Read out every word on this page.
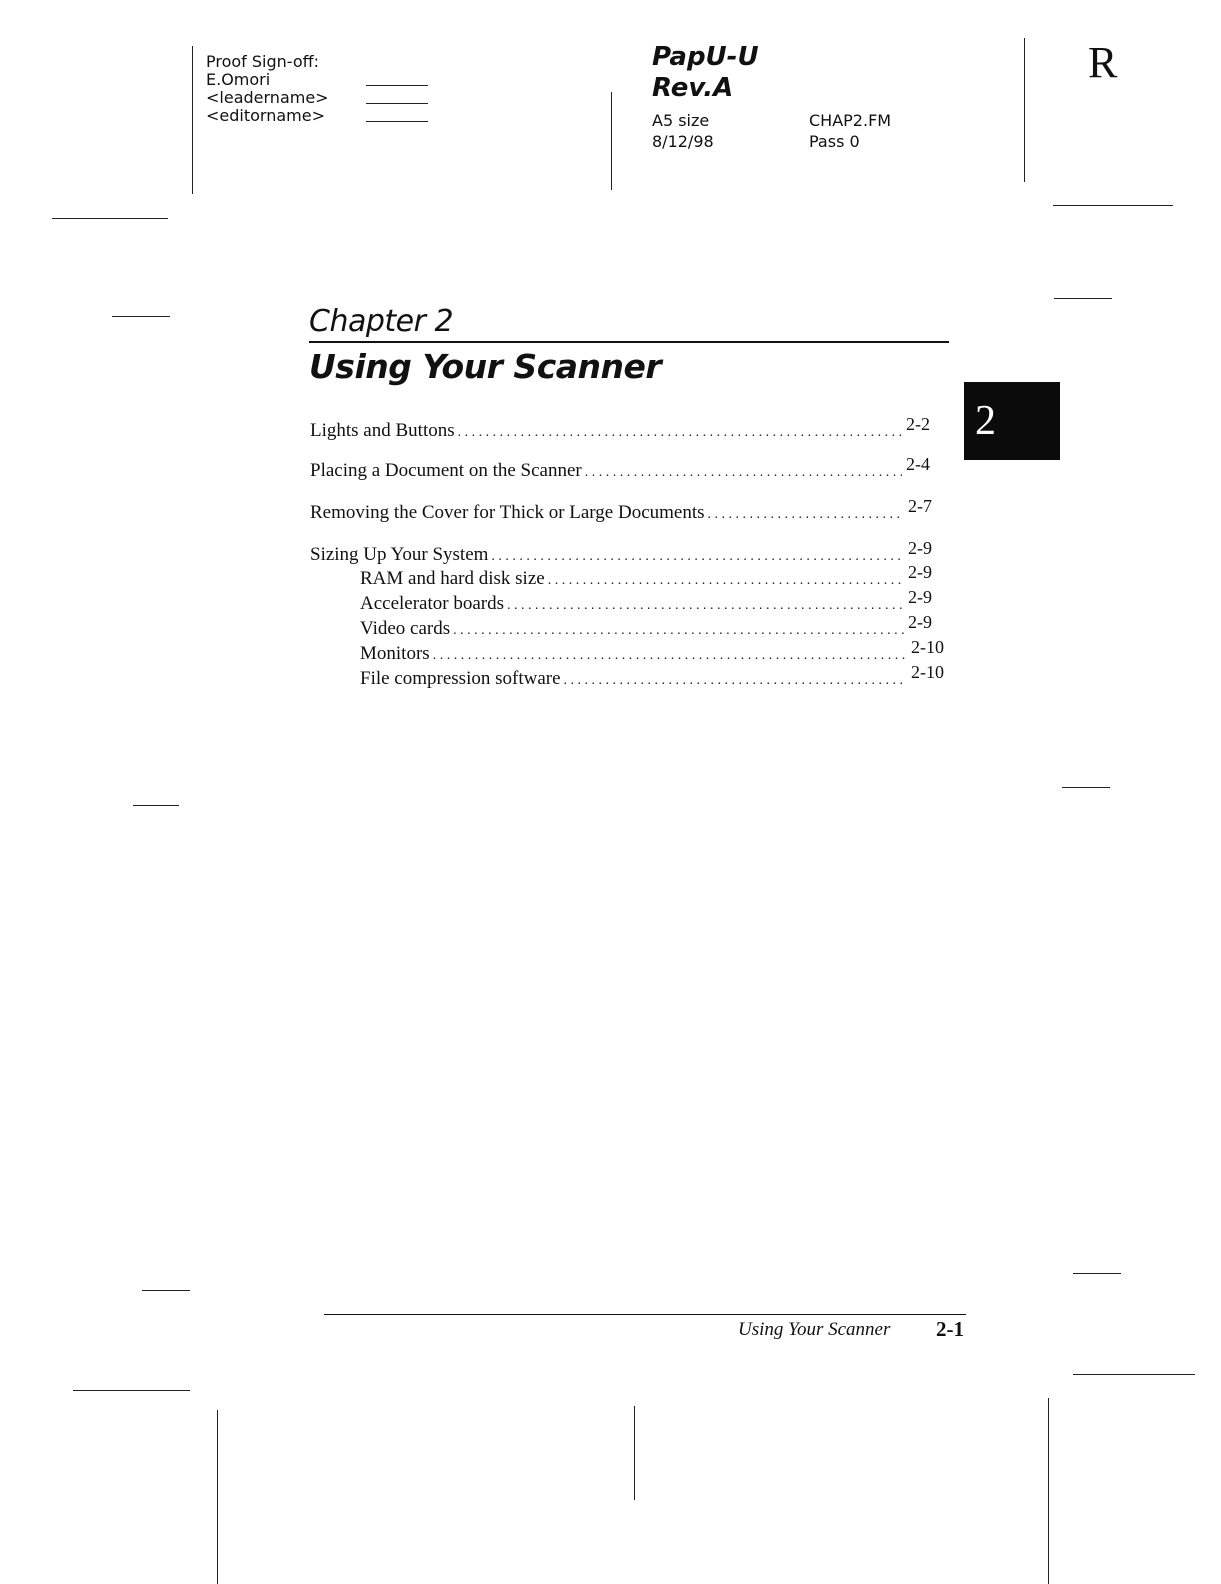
Proof Sign-off:
E.Omori
<leadername>
<editorname>
PapU-U
Rev.A
A5 size
8/12/98
CHAP2.FM
Pass 0
R
Chapter 2
Using Your Scanner
2
Lights and Buttons . . .	2-2
Placing a Document on the Scanner . . .	2-4
Removing the Cover for Thick or Large Documents . . .	2-7
Sizing Up Your System . . .	2-9
RAM and hard disk size . . .	2-9
Accelerator boards . . .	2-9
Video cards . . .	2-9
Monitors . . .	2-10
File compression software . . .	2-10
Using Your Scanner 2-1
